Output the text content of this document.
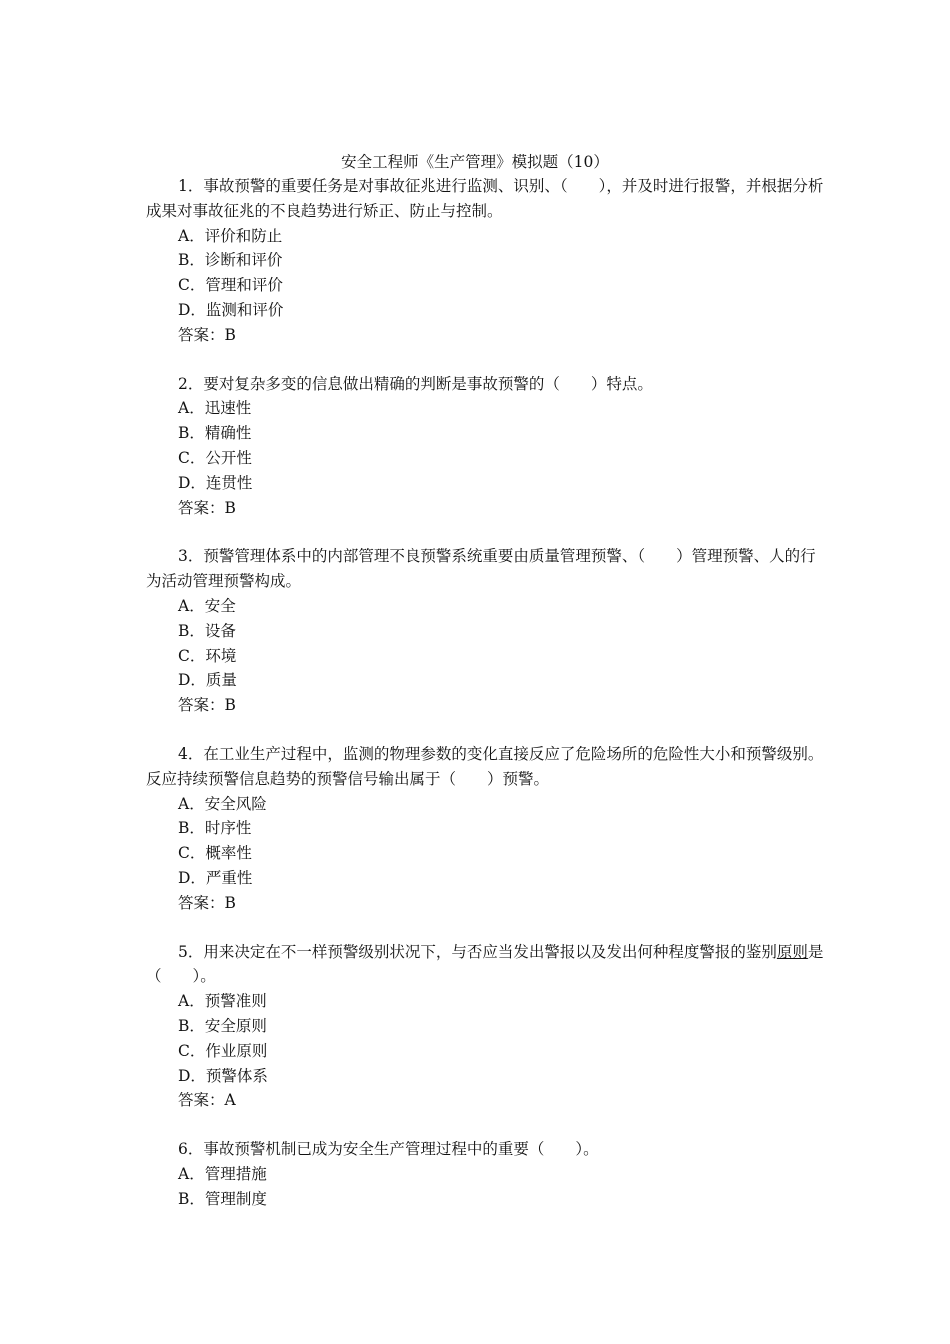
安全工程师《生产管理》模拟题（10）

1．事故预警的重要任务是对事故征兆进行监测、识别、（　　），并及时进行报警，并根据分析成果对事故征兆的不良趋势进行矫正、防止与控制。

A．评价和防止
B．诊断和评价
C．管理和评价
D．监测和评价
答案：B

2．要对复杂多变的信息做出精确的判断是事故预警的（　　）特点。

A．迅速性
B．精确性
C．公开性
D．连贯性
答案：B

3．预警管理体系中的内部管理不良预警系统重要由质量管理预警、（　　）管理预警、人的行为活动管理预警构成。

A．安全
B．设备
C．环境
D．质量
答案：B

4．在工业生产过程中，监测的物理参数的变化直接反应了危险场所的危险性大小和预警级别。反应持续预警信息趋势的预警信号输出属于（　　）预警。

A．安全风险
B．时序性
C．概率性
D．严重性
答案：B

5．用来决定在不一样预警级别状况下，与否应当发出警报以及发出何种程度警报的鉴别原则是（　　）。

A．预警准则
B．安全原则
C．作业原则
D．预警体系
答案：A

6．事故预警机制已成为安全生产管理过程中的重要（　　）。

A．管理措施
B．管理制度
